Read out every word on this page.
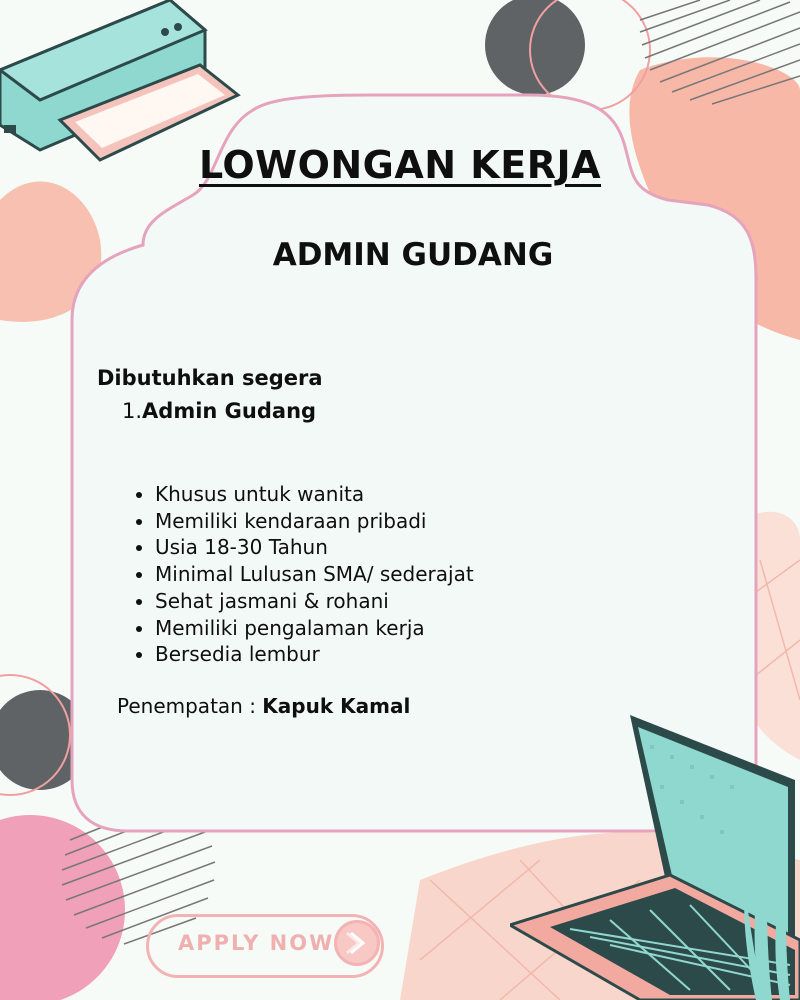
LOWONGAN KERJA
ADMIN GUDANG
Dibutuhkan segera
1.Admin Gudang
• Khusus untuk wanita
• Memiliki kendaraan pribadi
• Usia 18-30 Tahun
• Minimal Lulusan SMA/ sederajat
• Sehat jasmani & rohani
• Memiliki pengalaman kerja
• Bersedia lembur
Penempatan : Kapuk Kamal
APPLY NOW
